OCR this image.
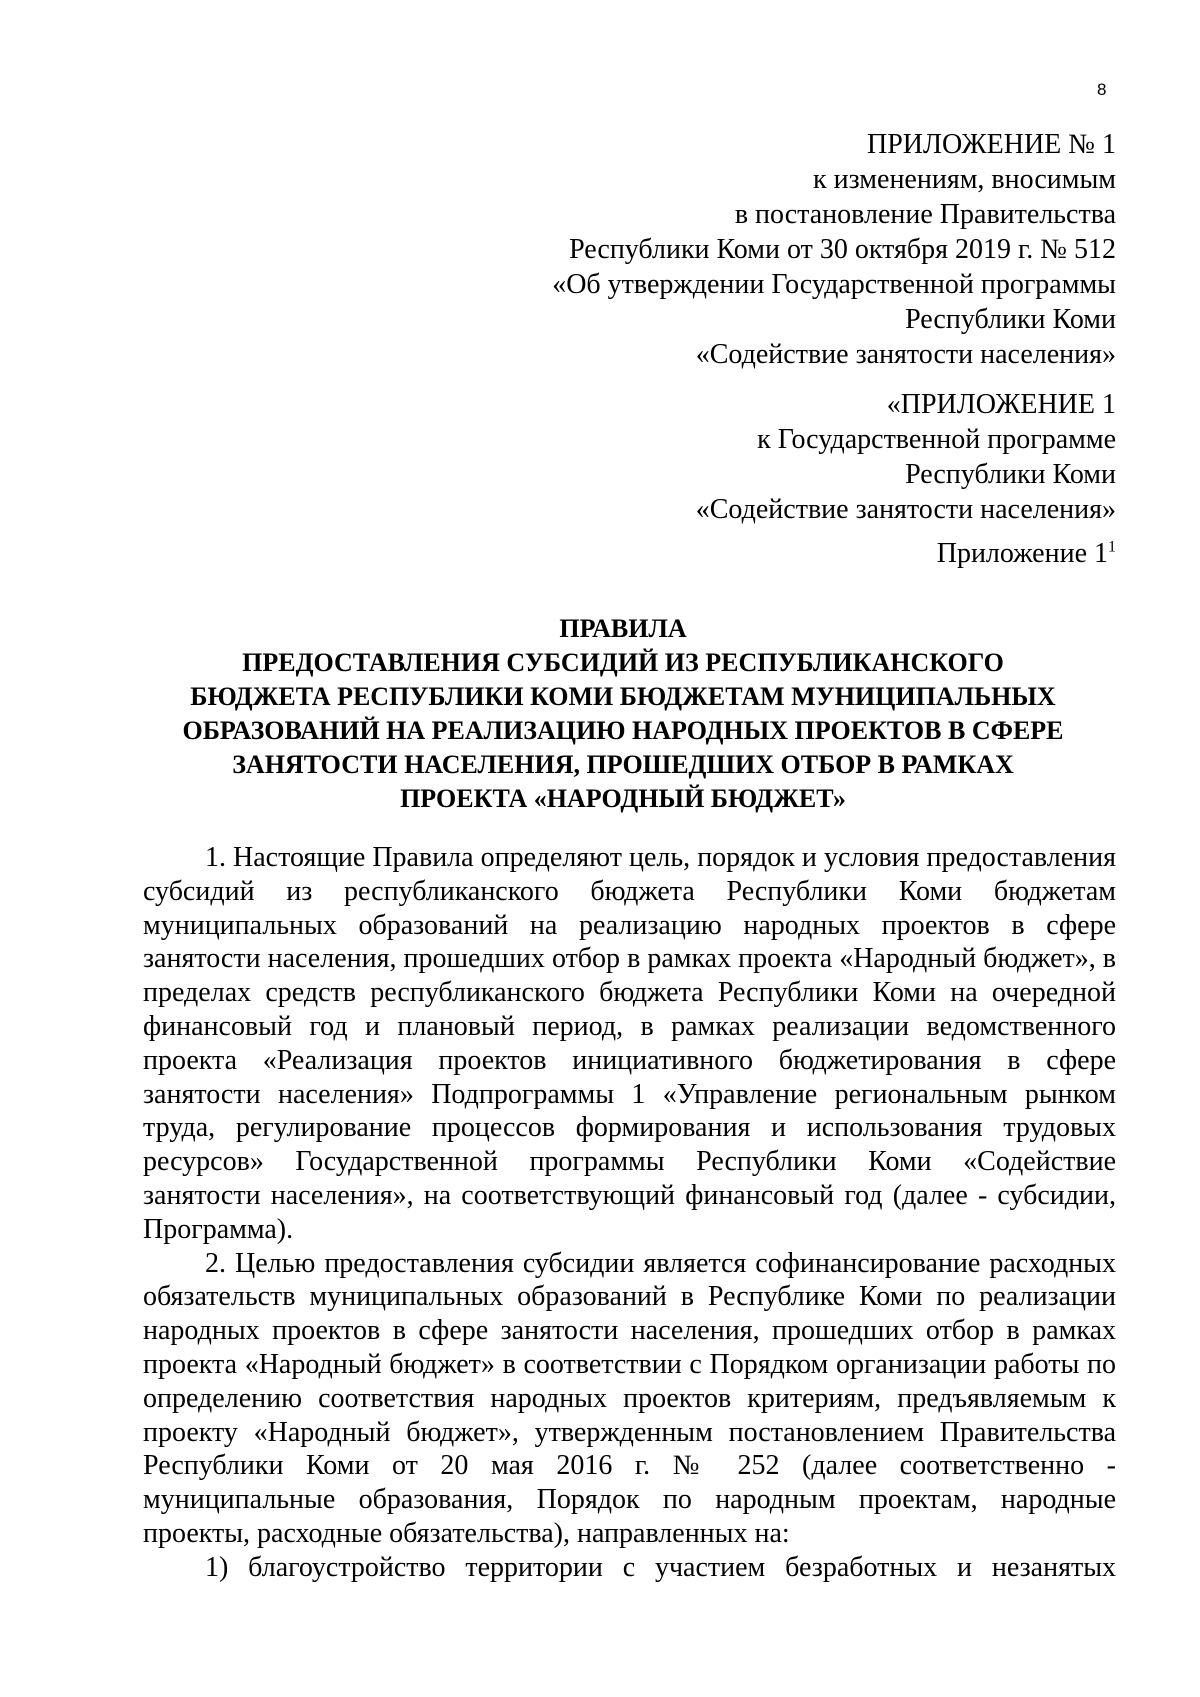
8
ПРИЛОЖЕНИЕ № 1
к изменениям, вносимым
в постановление Правительства
Республики Коми от 30 октября 2019 г. № 512
«Об утверждении Государственной программы
Республики Коми
«Содействие занятости населения»
«ПРИЛОЖЕНИЕ 1
к Государственной программе
Республики Коми
«Содействие занятости населения»
Приложение $1^1$
ПРАВИЛА
ПРЕДОСТАВЛЕНИЯ СУБСИДИЙ ИЗ РЕСПУБЛИКАНСКОГО
БЮДЖЕТА РЕСПУБЛИКИ КОМИ БЮДЖЕТАМ МУНИЦИПАЛЬНЫХ
ОБРАЗОВАНИЙ НА РЕАЛИЗАЦИЮ НАРОДНЫХ ПРОЕКТОВ В СФЕРЕ
ЗАНЯТОСТИ НАСЕЛЕНИЯ, ПРОШЕДШИХ ОТБОР В РАМКАХ
ПРОЕКТА «НАРОДНЫЙ БЮДЖЕТ»

1. Настоящие Правила определяют цель, порядок и условия предоставления субсидий из республиканского бюджета Республики Коми бюджетам муниципальных образований на реализацию народных проектов в сфере занятости населения, прошедших отбор в рамках проекта «Народный бюджет», в пределах средств республиканского бюджета Республики Коми на очередной финансовый год и плановый период, в рамках реализации ведомственного проекта «Реализация проектов инициативного бюджетирования в сфере занятости населения» Подпрограммы 1 «Управление региональным рынком труда, регулирование процессов формирования и использования трудовых ресурсов» Государственной программы Республики Коми «Содействие занятости населения», на соответствующий финансовый год (далее - субсидии, Программа).

2. Целью предоставления субсидии является софинансирование расходных обязательств муниципальных образований в Республике Коми по реализации народных проектов в сфере занятости населения, прошедших отбор в рамках проекта «Народный бюджет» в соответствии с Порядком организации работы по определению соответствия народных проектов критериям, предъявляемым к проекту «Народный бюджет», утвержденным постановлением Правительства Республики Коми от 20 мая 2016 г. № 252 (далее соответственно - муниципальные образования, Порядок по народным проектам, народные проекты, расходные обязательства), направленных на:

1) благоустройство территории с участием безработных и незанятых
